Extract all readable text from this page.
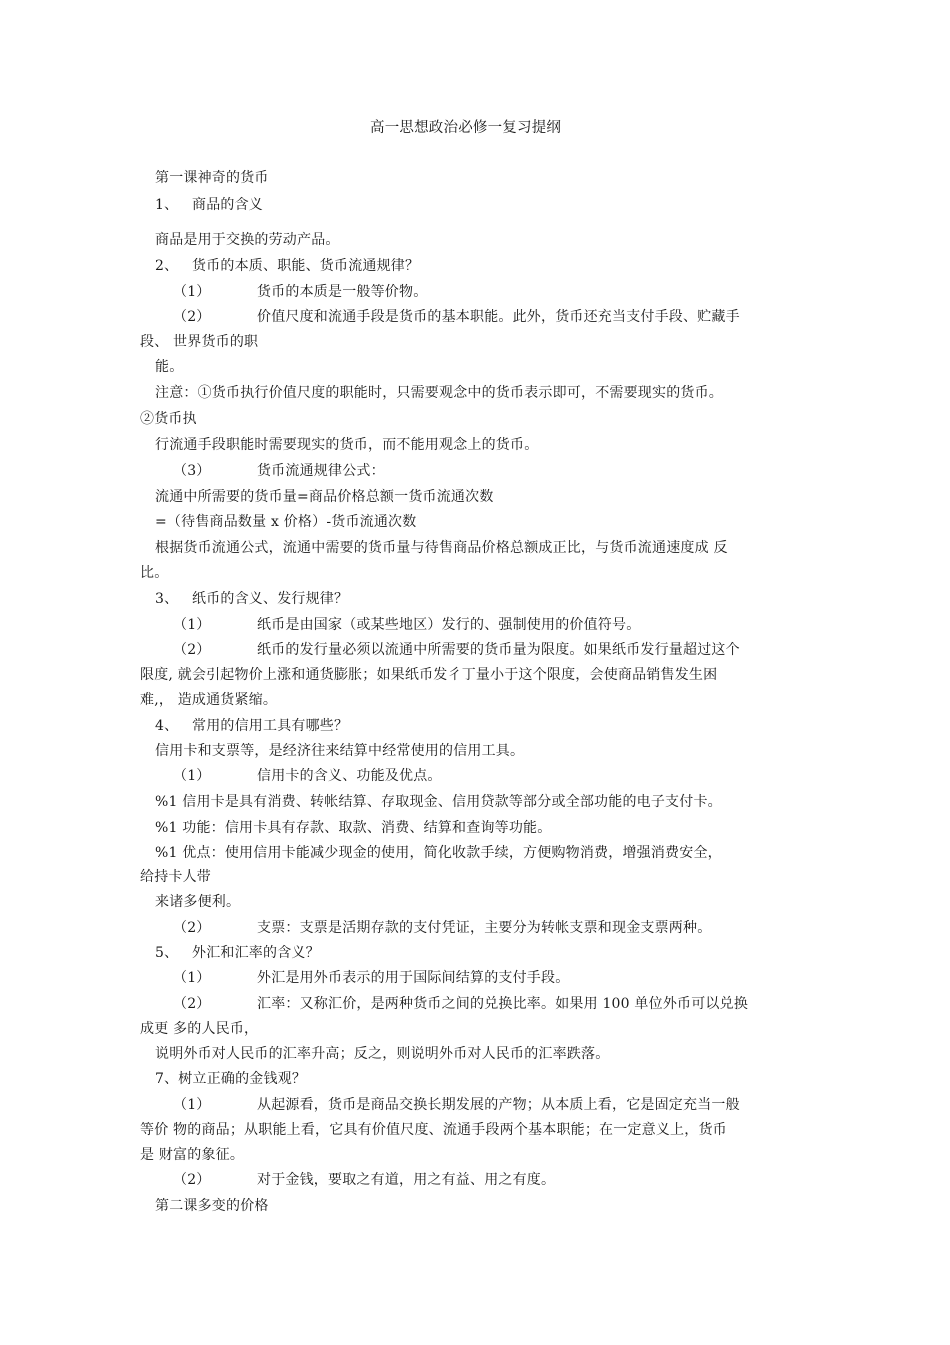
高一思想政治必修一复习提纲

第一课神奇的货币

1、 商品的含义

商品是用于交换的劳动产品。

2、 货币的本质、职能、货币流通规律？

（1）	货币的本质是一般等价物。

（2）	价值尺度和流通手段是货币的基本职能。此外，货币还充当支付手段、贮藏手

段、 世界货币的职

能。

注意：①货币执行价值尺度的职能时，只需要观念中的货币表示即可，不需要现实的货币。

②货币执

行流通手段职能时需要现实的货币，而不能用观念上的货币。

（3）	货币流通规律公式：

流通中所需要的货币量=商品价格总额一货币流通次数

=（待售商品数量 x 价格）-货币流通次数

根据货币流通公式，流通中需要的货币量与待售商品价格总额成正比，与货币流通速度成 反

比。

3、 纸币的含义、发行规律？

（1）	纸币是由国家（或某些地区）发行的、强制使用的价值符号。

（2）	纸币的发行量必须以流通中所需要的货币量为限度。如果纸币发行量超过这个

限度, 就会引起物价上涨和通货膨胀；如果纸币发彳丁量小于这个限度，会使商品销售发生困

难,， 造成通货紧缩。

4、 常用的信用工具有哪些？

信用卡和支票等，是经济往来结算中经常使用的信用工具。

（1）	信用卡的含义、功能及优点。

%1 信用卡是具有消费、转帐结算、存取现金、信用贷款等部分或全部功能的电子支付卡。

%1 功能：信用卡具有存款、取款、消费、结算和查询等功能。

%1 优点：使用信用卡能减少现金的使用，简化收款手续，方便购物消费，增强消费安全，

给持卡人带

来诸多便利。

（2）	支票：支票是活期存款的支付凭证，主要分为转帐支票和现金支票两种。

5、 外汇和汇率的含义？

（1）	外汇是用外币表示的用于国际间结算的支付手段。

（2）	汇率：又称汇价，是两种货币之间的兑换比率。如果用 100 单位外币可以兑换

成更 多的人民币，

说明外币对人民币的汇率升高；反之，则说明外币对人民币的汇率跌落。

7、树立正确的金钱观？

（1）	从起源看，货币是商品交换长期发展的产物；从本质上看，它是固定充当一般

等价 物的商品；从职能上看，它具有价值尺度、流通手段两个基本职能；在一定意义上，货币

是 财富的象征。

（2）	对于金钱，要取之有道，用之有益、用之有度。

第二课多变的价格
